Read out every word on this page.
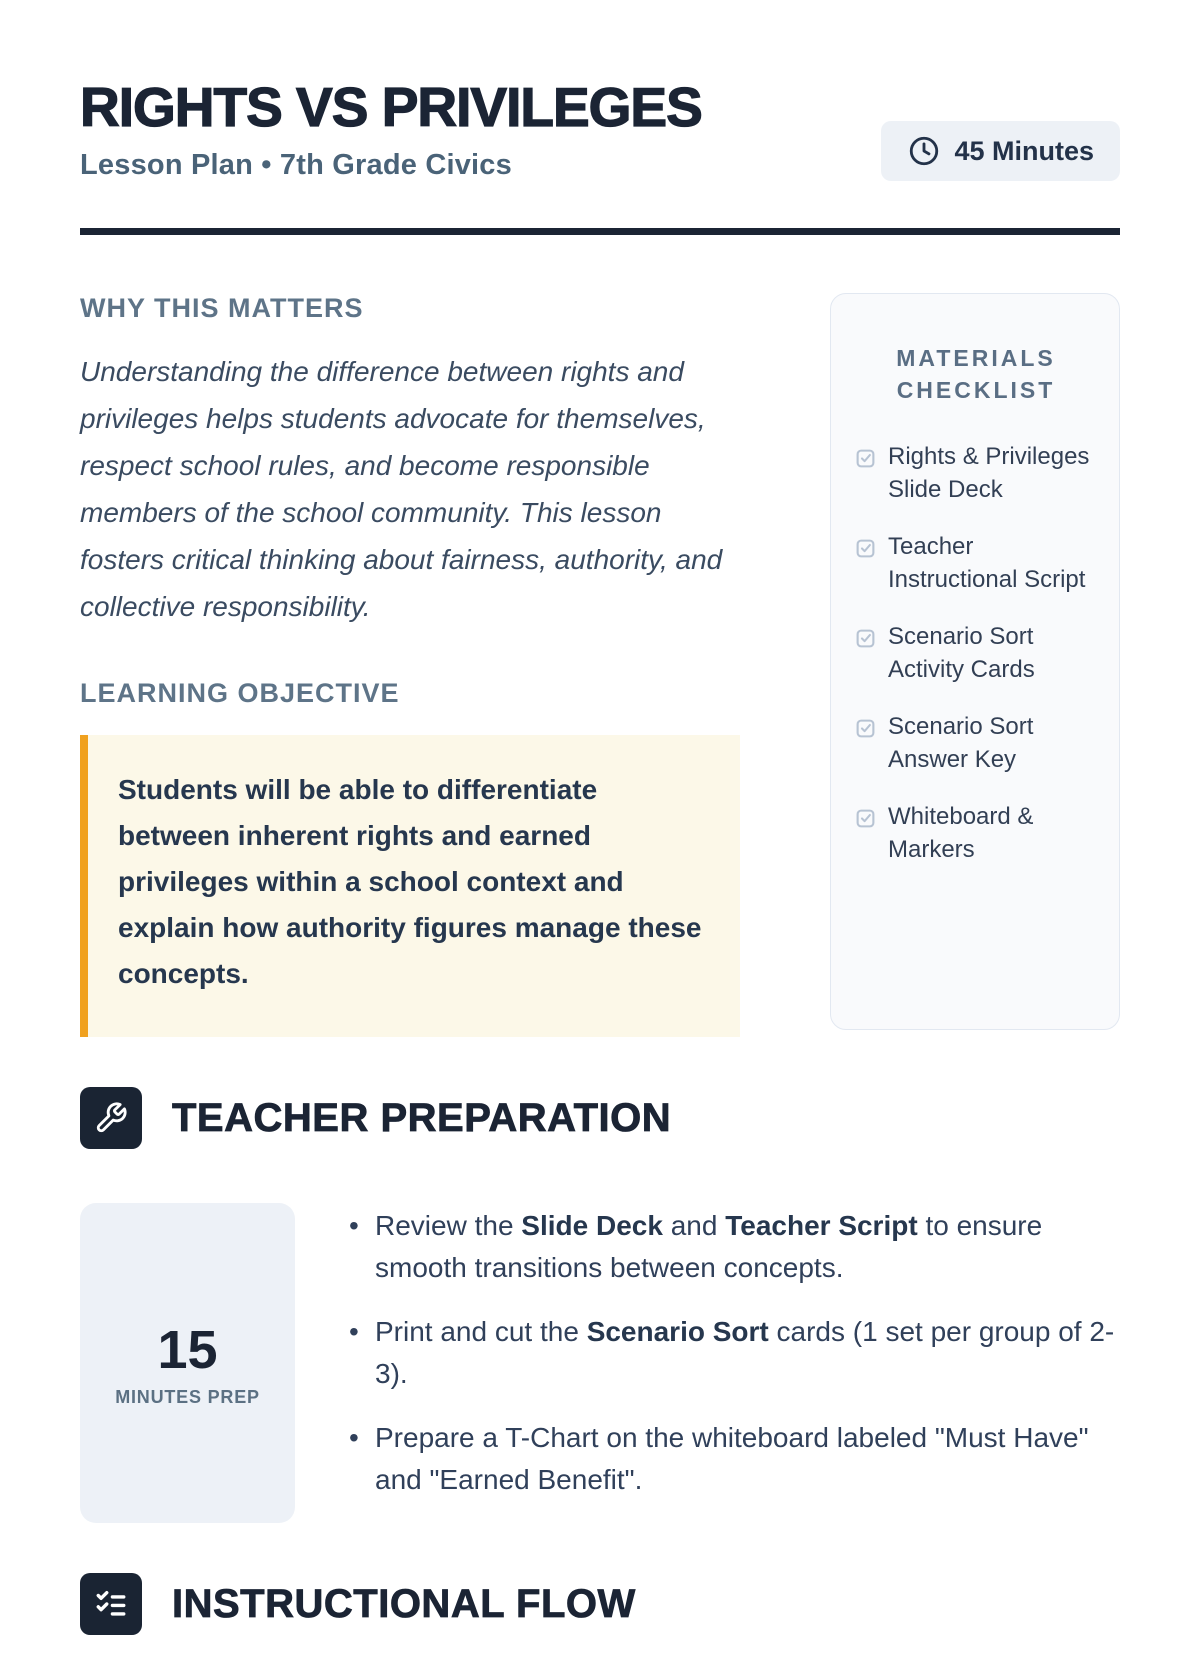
RIGHTS VS PRIVILEGES
Lesson Plan • 7th Grade Civics	45 Minutes
WHY THIS MATTERS

Understanding the difference between rights and privileges helps students advocate for themselves, respect school rules, and become responsible members of the school community. This lesson fosters critical thinking about fairness, authority, and collective responsibility.

LEARNING OBJECTIVE

Students will be able to differentiate between inherent rights and earned privileges within a school context and explain how authority figures manage these concepts.

MATERIALS CHECKLIST
Rights & Privileges Slide Deck
Teacher Instructional Script
Scenario Sort Activity Cards
Scenario Sort Answer Key
Whiteboard & Markers
TEACHER PREPARATION
15
MINUTES PREP
• Review the Slide Deck and Teacher Script to ensure smooth transitions between concepts.
• Print and cut the Scenario Sort cards (1 set per group of 2-3).
• Prepare a T-Chart on the whiteboard labeled "Must Have" and "Earned Benefit".
INSTRUCTIONAL FLOW
